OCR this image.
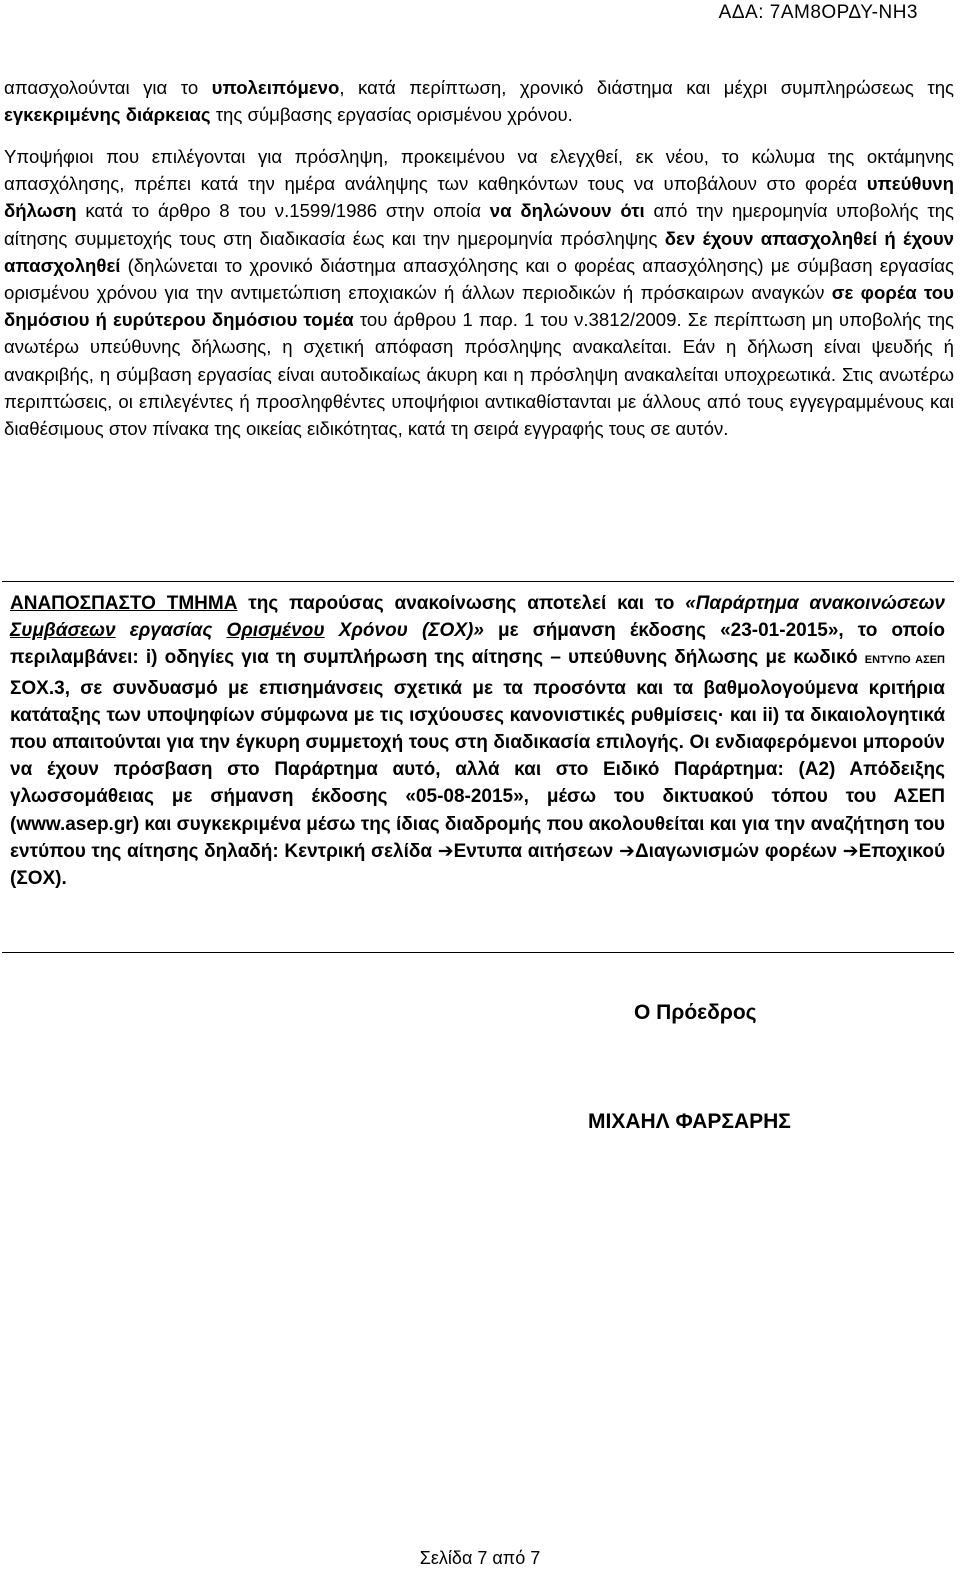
ΑΔΑ: 7ΑΜ8ΟΡΔΥ-ΝΗ3

απασχολούνται για το υπολειπόμενο, κατά περίπτωση, χρονικό διάστημα και μέχρι συμπληρώσεως της εγκεκριμένης διάρκειας της σύμβασης εργασίας ορισμένου χρόνου.

Υποψήφιοι που επιλέγονται για πρόσληψη, προκειμένου να ελεγχθεί, εκ νέου, το κώλυμα της οκτάμηνης απασχόλησης, πρέπει κατά την ημέρα ανάληψης των καθηκόντων τους να υποβάλουν στο φορέα υπεύθυνη δήλωση κατά το άρθρο 8 του ν.1599/1986 στην οποία να δηλώνουν ότι από την ημερομηνία υποβολής της αίτησης συμμετοχής τους στη διαδικασία έως και την ημερομηνία πρόσληψης δεν έχουν απασχοληθεί ή έχουν απασχοληθεί (δηλώνεται το χρονικό διάστημα απασχόλησης και ο φορέας απασχόλησης) με σύμβαση εργασίας ορισμένου χρόνου για την αντιμετώπιση εποχιακών ή άλλων περιοδικών ή πρόσκαιρων αναγκών σε φορέα του δημόσιου ή ευρύτερου δημόσιου τομέα του άρθρου 1 παρ. 1 του ν.3812/2009. Σε περίπτωση μη υποβολής της ανωτέρω υπεύθυνης δήλωσης, η σχετική απόφαση πρόσληψης ανακαλείται. Εάν η δήλωση είναι ψευδής ή ανακριβής, η σύμβαση εργασίας είναι αυτοδικαίως άκυρη και η πρόσληψη ανακαλείται υποχρεωτικά. Στις ανωτέρω περιπτώσεις, οι επιλεγέντες ή προσληφθέντες υποψήφιοι αντικαθίστανται με άλλους από τους εγγεγραμμένους και διαθέσιμους στον πίνακα της οικείας ειδικότητας, κατά τη σειρά εγγραφής τους σε αυτόν.

ΑΝΑΠΟΣΠΑΣΤΟ ΤΜΗΜΑ της παρούσας ανακοίνωσης αποτελεί και το «Παράρτημα ανακοινώσεων Συμβάσεων εργασίας Ορισμένου Χρόνου (ΣΟΧ)» με σήμανση έκδοσης «23-01-2015», το οποίο περιλαμβάνει: i) οδηγίες για τη συμπλήρωση της αίτησης – υπεύθυνης δήλωσης με κωδικό ΕΝΤΥΠΟ ΑΣΕΠ ΣΟΧ.3, σε συνδυασμό με επισημάνσεις σχετικά με τα προσόντα και τα βαθμολογούμενα κριτήρια κατάταξης των υποψηφίων σύμφωνα με τις ισχύουσες κανονιστικές ρυθμίσεις· και ii) τα δικαιολογητικά που απαιτούνται για την έγκυρη συμμετοχή τους στη διαδικασία επιλογής. Οι ενδιαφερόμενοι μπορούν να έχουν πρόσβαση στο Παράρτημα αυτό, αλλά και στο Ειδικό Παράρτημα: (Α2) Απόδειξης γλωσσομάθειας με σήμανση έκδοσης «05-08-2015», μέσω του δικτυακού τόπου του ΑΣΕΠ (www.asep.gr) και συγκεκριμένα μέσω της ίδιας διαδρομής που ακολουθείται και για την αναζήτηση του εντύπου της αίτησης δηλαδή: Κεντρική σελίδα ➔Εντυπα αιτήσεων ➔Διαγωνισμών φορέων ➔Εποχικού (ΣΟΧ).

Ο Πρόεδρος
ΜΙΧΑΗΛ ΦΑΡΣΑΡΗΣ
Σελίδα 7 από 7
